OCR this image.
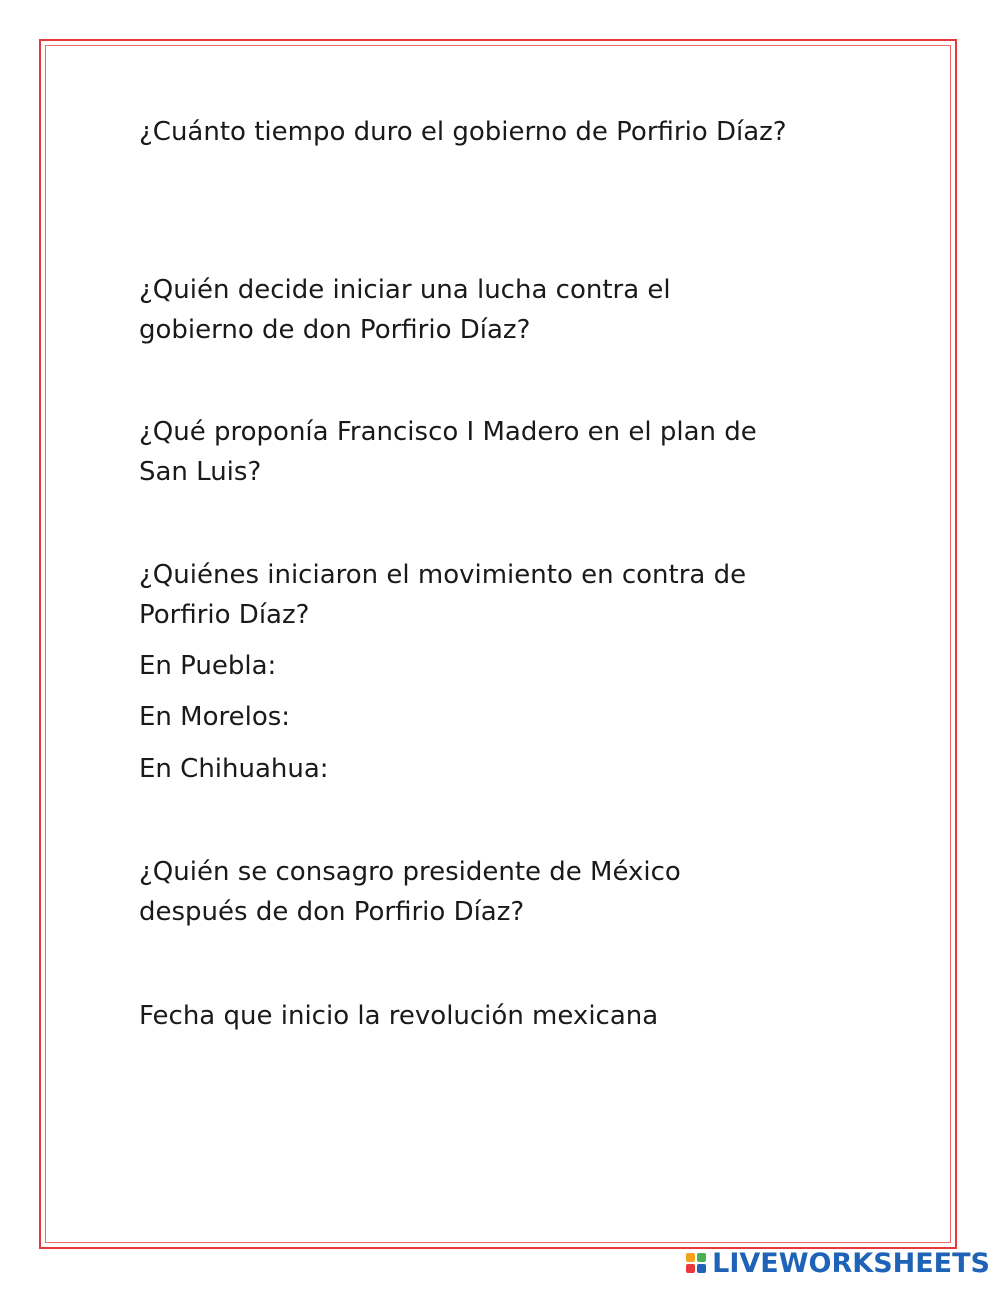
¿Cuánto tiempo duro el gobierno de Porfirio Díaz?

¿Quién decide iniciar una lucha contra el

gobierno de don Porfirio Díaz?

¿Qué proponía Francisco I Madero en el plan de

San Luis?

¿Quiénes iniciaron el movimiento en contra de

Porfirio Díaz?

En Puebla:

En Morelos:

En Chihuahua:

¿Quién se consagro presidente de México

después de don Porfirio Díaz?

Fecha que inicio la revolución mexicana

LIVEWORKSHEETS
